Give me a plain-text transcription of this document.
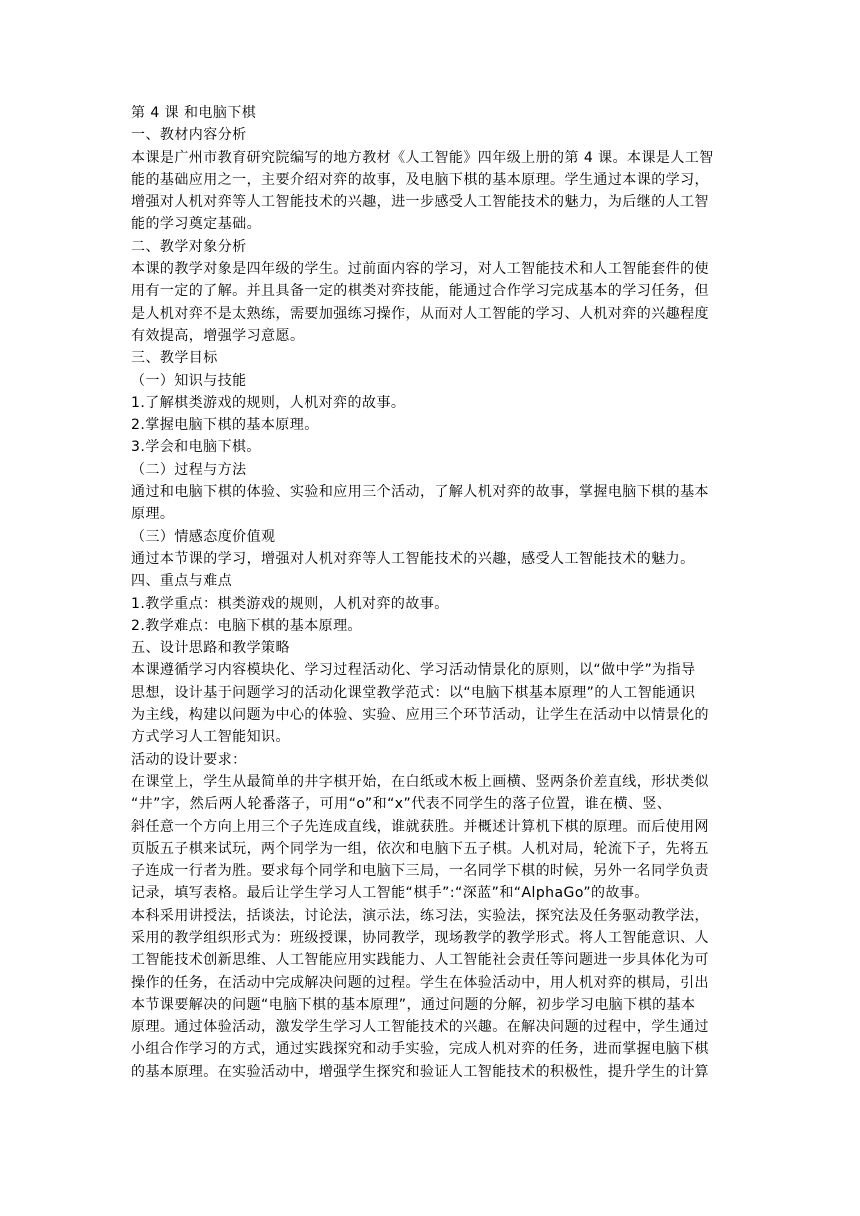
第 4 课 和电脑下棋
一、教材内容分析
本课是广州市教育研究院编写的地方教材《人工智能》四年级上册的第 4 课。本课是人工智
能的基础应用之一，主要介绍对弈的故事，及电脑下棋的基本原理。学生通过本课的学习，
增强对人机对弈等人工智能技术的兴趣，进一步感受人工智能技术的魅力，为后继的人工智
能的学习奠定基础。
二、教学对象分析
本课的教学对象是四年级的学生。过前面内容的学习，对人工智能技术和人工智能套件的使
用有一定的了解。并且具备一定的棋类对弈技能，能通过合作学习完成基本的学习任务，但
是人机对弈不是太熟练，需要加强练习操作，从而对人工智能的学习、人机对弈的兴趣程度
有效提高，增强学习意愿。
三、教学目标
（一）知识与技能
1.了解棋类游戏的规则，人机对弈的故事。
2.掌握电脑下棋的基本原理。
3.学会和电脑下棋。
（二）过程与方法
通过和电脑下棋的体验、实验和应用三个活动，了解人机对弈的故事，掌握电脑下棋的基本
原理。
（三）情感态度价值观
通过本节课的学习，增强对人机对弈等人工智能技术的兴趣，感受人工智能技术的魅力。
四、重点与难点
1.教学重点：棋类游戏的规则，人机对弈的故事。
2.教学难点：电脑下棋的基本原理。
五、设计思路和教学策略
本课遵循学习内容模块化、学习过程活动化、学习活动情景化的原则，以“做中学”为指导
思想，设计基于问题学习的活动化课堂教学范式：以“电脑下棋基本原理”的人工智能通识
为主线，构建以问题为中心的体验、实验、应用三个环节活动，让学生在活动中以情景化的
方式学习人工智能知识。
活动的设计要求：
在课堂上，学生从最简单的井字棋开始，在白纸或木板上画横、竖两条价差直线，形状类似
“井”字，然后两人轮番落子，可用“o”和“x”代表不同学生的落子位置，谁在横、竖、
斜任意一个方向上用三个子先连成直线，谁就获胜。并概述计算机下棋的原理。而后使用网
页版五子棋来试玩，两个同学为一组，依次和电脑下五子棋。人机对局，轮流下子，先将五
子连成一行者为胜。要求每个同学和电脑下三局，一名同学下棋的时候，另外一名同学负责
记录，填写表格。最后让学生学习人工智能“棋手”:“深蓝”和“AlphaGo”的故事。
本科采用讲授法，括谈法，讨论法，演示法，练习法，实验法，探究法及任务驱动教学法，
采用的教学组织形式为：班级授课，协同教学，现场教学的教学形式。将人工智能意识、人
工智能技术创新思维、人工智能应用实践能力、人工智能社会责任等问题进一步具体化为可
操作的任务，在活动中完成解决问题的过程。学生在体验活动中，用人机对弈的棋局，引出
本节课要解决的问题“电脑下棋的基本原理”，通过问题的分解，初步学习电脑下棋的基本
原理。通过体验活动，激发学生学习人工智能技术的兴趣。在解决问题的过程中，学生通过
小组合作学习的方式，通过实践探究和动手实验，完成人机对弈的任务，进而掌握电脑下棋
的基本原理。在实验活动中，增强学生探究和验证人工智能技术的积极性，提升学生的计算
